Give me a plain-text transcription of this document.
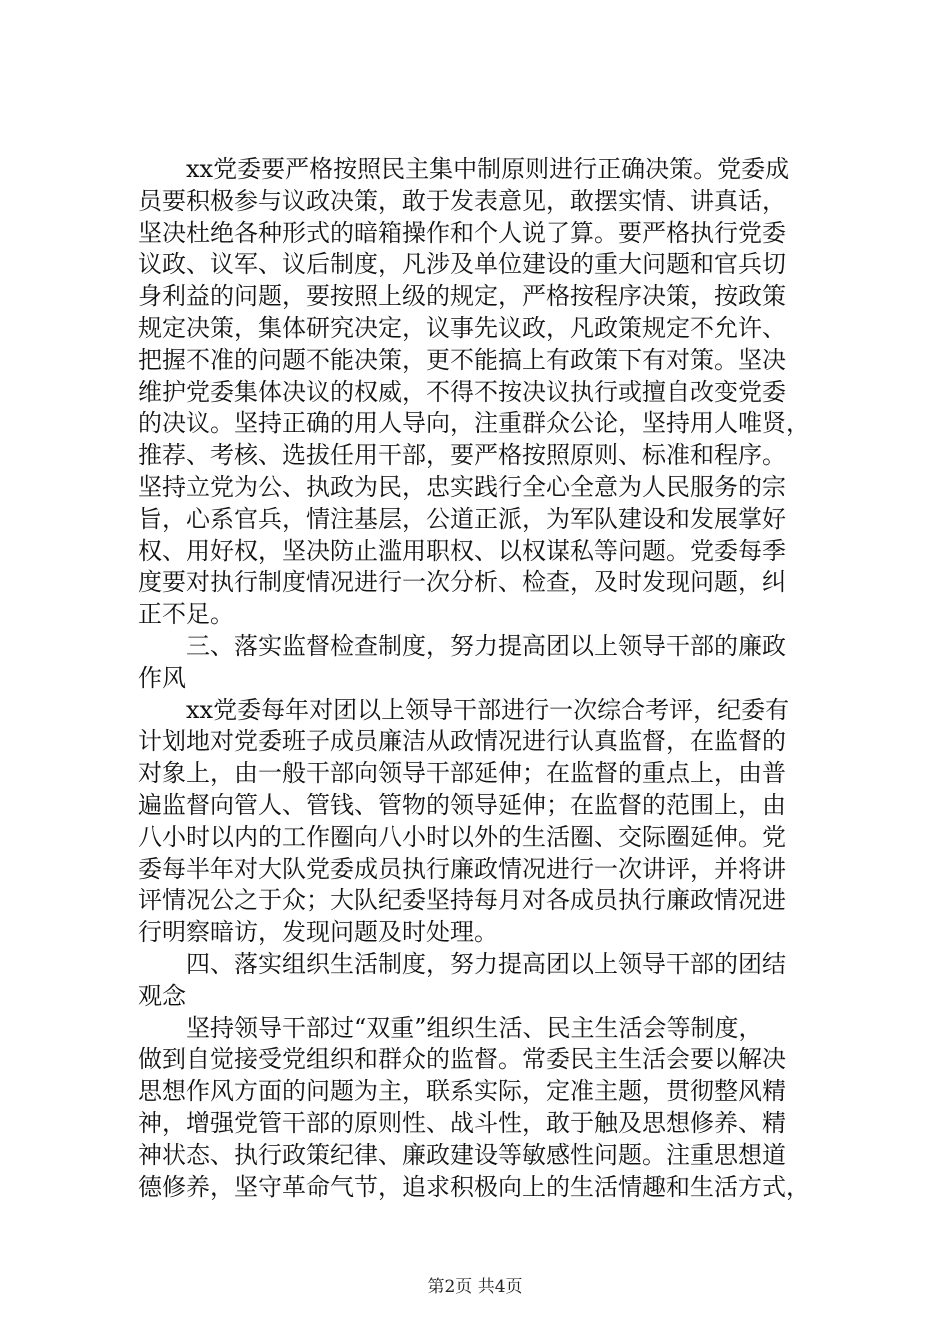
xx党委要严格按照民主集中制原则进行正确决策。党委成
员要积极参与议政决策，敢于发表意见，敢摆实情、讲真话，
坚决杜绝各种形式的暗箱操作和个人说了算。要严格执行党委
议政、议军、议后制度，凡涉及单位建设的重大问题和官兵切
身利益的问题，要按照上级的规定，严格按程序决策，按政策
规定决策，集体研究决定，议事先议政，凡政策规定不允许、
把握不准的问题不能决策，更不能搞上有政策下有对策。坚决
维护党委集体决议的权威，不得不按决议执行或擅自改变党委
的决议。坚持正确的用人导向，注重群众公论，坚持用人唯贤，
推荐、考核、选拔任用干部，要严格按照原则、标准和程序。
坚持立党为公、执政为民，忠实践行全心全意为人民服务的宗
旨，心系官兵，情注基层，公道正派，为军队建设和发展掌好
权、用好权，坚决防止滥用职权、以权谋私等问题。党委每季
度要对执行制度情况进行一次分析、检查，及时发现问题，纠
正不足。
三、落实监督检查制度，努力提高团以上领导干部的廉政
作风
xx党委每年对团以上领导干部进行一次综合考评，纪委有
计划地对党委班子成员廉洁从政情况进行认真监督，在监督的
对象上，由一般干部向领导干部延伸；在监督的重点上，由普
遍监督向管人、管钱、管物的领导延伸；在监督的范围上，由
八小时以内的工作圈向八小时以外的生活圈、交际圈延伸。党
委每半年对大队党委成员执行廉政情况进行一次讲评，并将讲
评情况公之于众；大队纪委坚持每月对各成员执行廉政情况进
行明察暗访，发现问题及时处理。
四、落实组织生活制度，努力提高团以上领导干部的团结
观念
坚持领导干部过“双重”组织生活、民主生活会等制度，
做到自觉接受党组织和群众的监督。常委民主生活会要以解决
思想作风方面的问题为主，联系实际，定准主题，贯彻整风精
神，增强党管干部的原则性、战斗性，敢于触及思想修养、精
神状态、执行政策纪律、廉政建设等敏感性问题。注重思想道
德修养，坚守革命气节，追求积极向上的生活情趣和生活方式，
第2页 共4页
